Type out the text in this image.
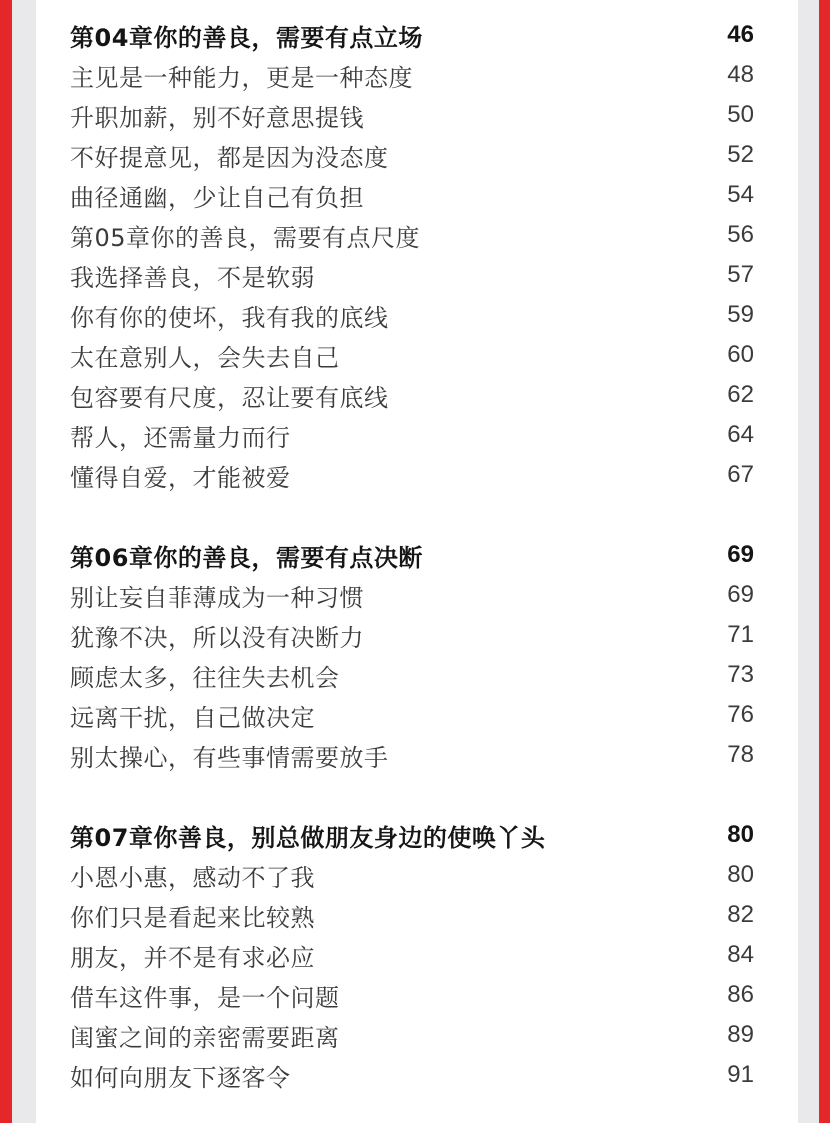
第04章你的善良，需要有点立场	46
主见是一种能力，更是一种态度	48
升职加薪，别不好意思提钱	50
不好提意见，都是因为没态度	52
曲径通幽，少让自己有负担	54
第05章你的善良，需要有点尺度	56
我选择善良，不是软弱	57
你有你的使坏，我有我的底线	59
太在意别人，会失去自己	60
包容要有尺度，忍让要有底线	62
帮人，还需量力而行	64
懂得自爱，才能被爱	67
第06章你的善良，需要有点决断	69
别让妄自菲薄成为一种习惯	69
犹豫不决，所以没有决断力	71
顾虑太多，往往失去机会	73
远离干扰，自己做决定	76
别太操心，有些事情需要放手	78
第07章你善良，别总做朋友身边的使唤丫头	80
小恩小惠，感动不了我	80
你们只是看起来比较熟	82
朋友，并不是有求必应	84
借车这件事，是一个问题	86
闺蜜之间的亲密需要距离	89
如何向朋友下逐客令	91
